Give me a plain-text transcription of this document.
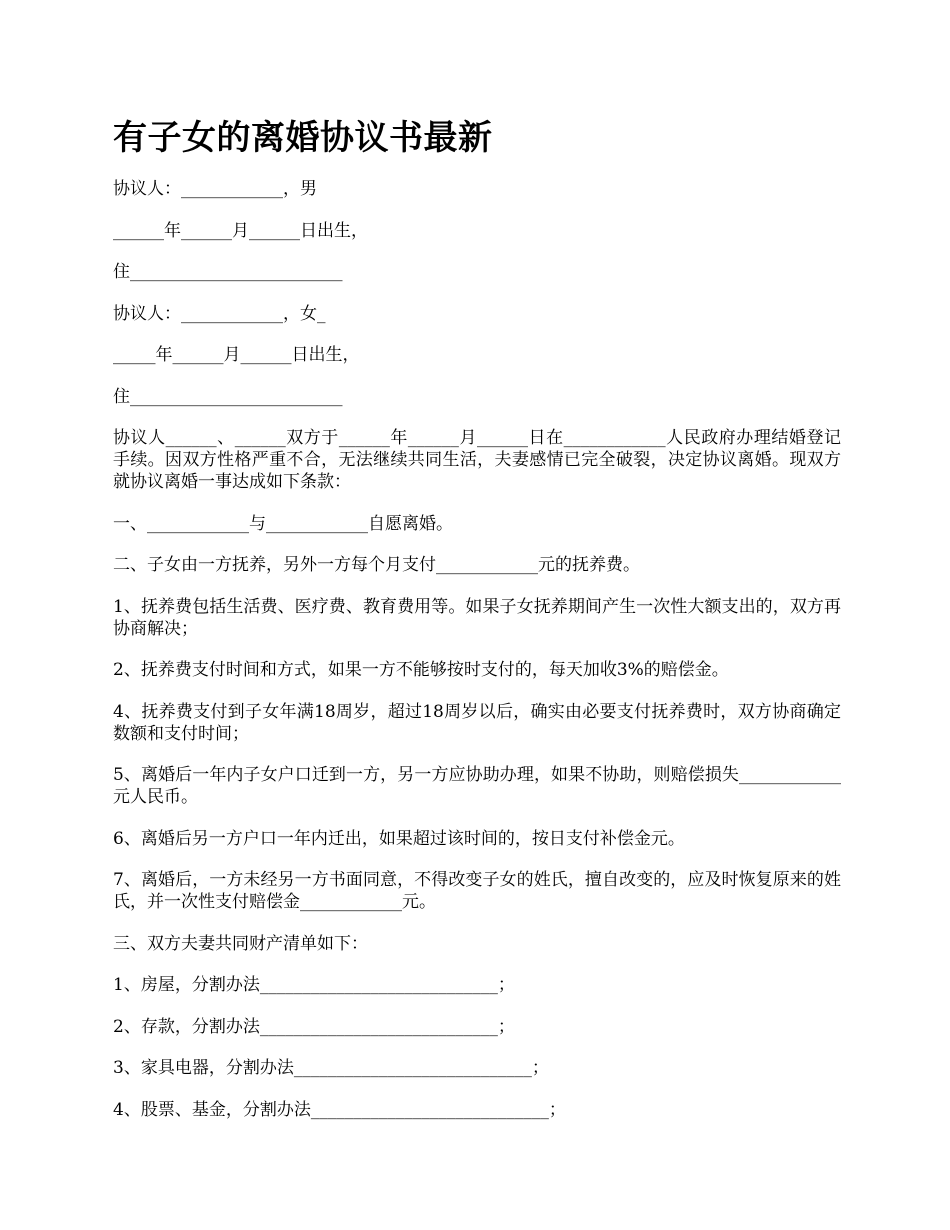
有子女的离婚协议书最新

协议人：____________，男

______年______月______日出生，

住_________________________

协议人：____________，女_

_____年______月______日出生，

住_________________________

协议人______、______双方于______年______月______日在____________人民政府办理结婚登记手续。因双方性格严重不合，无法继续共同生活，夫妻感情已完全破裂，决定协议离婚。现双方就协议离婚一事达成如下条款：

一、____________与____________自愿离婚。

二、子女由一方抚养，另外一方每个月支付____________元的抚养费。

1、抚养费包括生活费、医疗费、教育费用等。如果子女抚养期间产生一次性大额支出的，双方再协商解决；

2、抚养费支付时间和方式，如果一方不能够按时支付的，每天加收3%的赔偿金。

4、抚养费支付到子女年满18周岁，超过18周岁以后，确实由必要支付抚养费时，双方协商确定数额和支付时间；

5、离婚后一年内子女户口迁到一方，另一方应协助办理，如果不协助，则赔偿损失____________元人民币。

6、离婚后另一方户口一年内迁出，如果超过该时间的，按日支付补偿金元。

7、离婚后，一方未经另一方书面同意，不得改变子女的姓氏，擅自改变的，应及时恢复原来的姓氏，并一次性支付赔偿金____________元。

三、双方夫妻共同财产清单如下：

1、房屋，分割办法____________________________；

2、存款，分割办法____________________________；

3、家具电器，分割办法____________________________；

4、股票、基金，分割办法____________________________；
